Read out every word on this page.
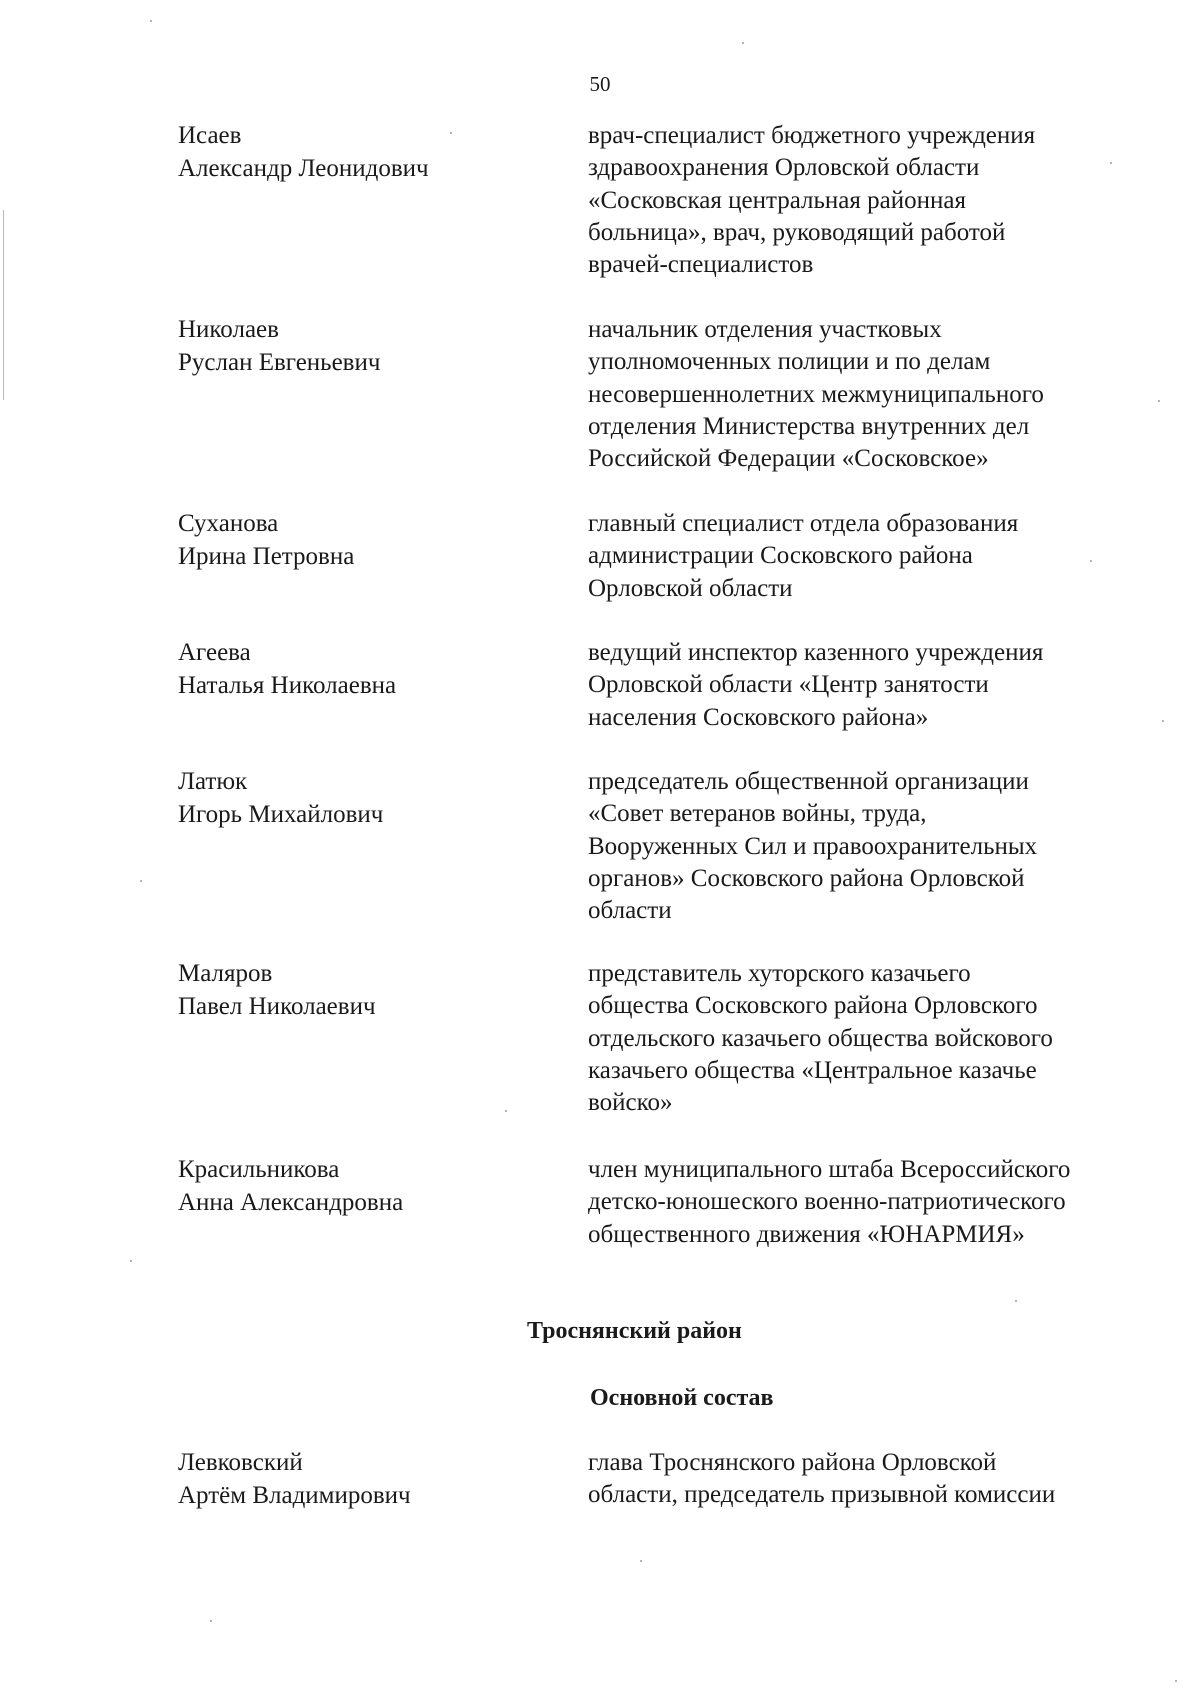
50
Исаев
Александр Леонидович
врач-специалист бюджетного учреждения
здравоохранения Орловской области
«Сосковская центральная районная
больница», врач, руководящий работой
врачей-специалистов
Николаев
Руслан Евгеньевич
начальник отделения участковых
уполномоченных полиции и по делам
несовершеннолетних межмуниципального
отделения Министерства внутренних дел
Российской Федерации «Сосковское»
Суханова
Ирина Петровна
главный специалист отдела образования
администрации Сосковского района
Орловской области
Агеева
Наталья Николаевна
ведущий инспектор казенного учреждения
Орловской области «Центр занятости
населения Сосковского района»
Латюк
Игорь Михайлович
председатель общественной организации
«Совет ветеранов войны, труда,
Вооруженных Сил и правоохранительных
органов» Сосковского района Орловской
области
Маляров
Павел Николаевич
представитель хуторского казачьего
общества Сосковского района Орловского
отдельского казачьего общества войскового
казачьего общества «Центральное казачье
войско»
Красильникова
Анна Александровна
член муниципального штаба Всероссийского
детско-юношеского военно-патриотического
общественного движения «ЮНАРМИЯ»
Троснянский район
Основной состав
Левковский
Артём Владимирович
глава Троснянского района Орловской
области, председатель призывной комиссии
